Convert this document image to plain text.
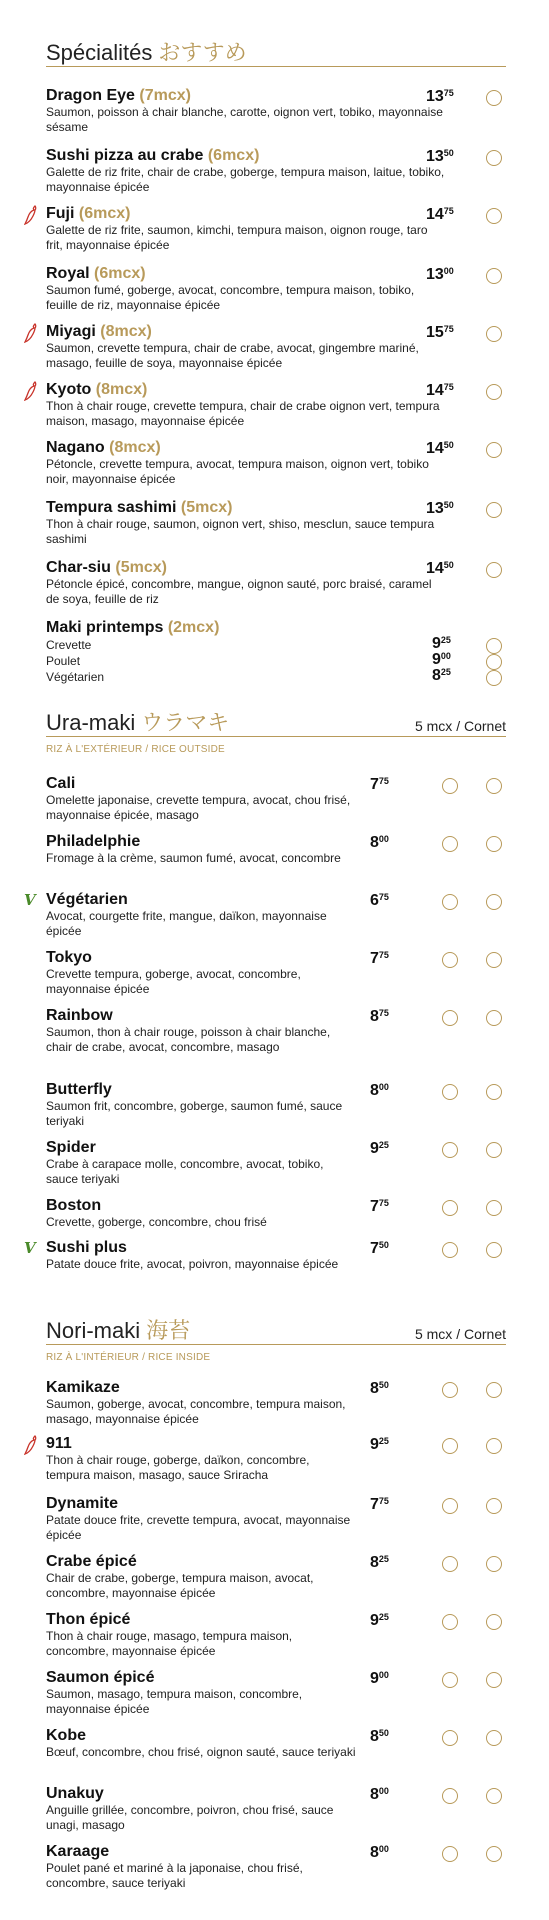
Spécialités おすすめ
Dragon Eye (7mcx)
Saumon, poisson à chair blanche, carotte, oignon vert, tobiko, mayonnaise sésame
$13^{75}$
Sushi pizza au crabe (6mcx)
Galette de riz frite, chair de crabe, goberge, tempura maison, laitue, tobiko, mayonnaise épicée
$13^{50}$
Fuji (6mcx)
Galette de riz frite, saumon, kimchi, tempura maison, oignon rouge, taro frit, mayonnaise épicée
$14^{75}$
Royal (6mcx)
Saumon fumé, goberge, avocat, concombre, tempura maison, tobiko, feuille de riz, mayonnaise épicée
$13^{00}$
Miyagi (8mcx)
Saumon, crevette tempura, chair de crabe, avocat, gingembre mariné, masago, feuille de soya, mayonnaise épicée
$15^{75}$
Kyoto (8mcx)
Thon à chair rouge, crevette tempura, chair de crabe oignon vert, tempura maison, masago, mayonnaise épicée
$14^{75}$
Nagano (8mcx)
Pétoncle, crevette tempura, avocat, tempura maison, oignon vert, tobiko noir, mayonnaise épicée
$14^{50}$
Tempura sashimi (5mcx)
Thon à chair rouge, saumon, oignon vert, shiso, mesclun, sauce tempura sashimi
$13^{50}$
Char-siu (5mcx)
Pétoncle épicé, concombre, mangue, oignon sauté, porc braisé, caramel de soya, feuille de riz
$14^{50}$
Maki printemps (2mcx)
Crevette	$9^{25}$
Poulet	$9^{00}$
Végétarien	$8^{25}$
Ura-maki ウラマキ	5 mcx / Cornet
RIZ À L'EXTÉRIEUR / RICE OUTSIDE
Cali
Omelette japonaise, crevette tempura, avocat, chou frisé, mayonnaise épicée, masago
$7^{75}$
Philadelphie
Fromage à la crème, saumon fumé, avocat, concombre
$8^{00}$
Végétarien
Avocat, courgette frite, mangue, daïkon, mayonnaise épicée
$6^{75}$
V
Tokyo
Crevette tempura, goberge, avocat, concombre, mayonnaise épicée
$7^{75}$
Rainbow
Saumon, thon à chair rouge, poisson à chair blanche, chair de crabe, avocat, concombre, masago
$8^{75}$
Butterfly
Saumon frit, concombre, goberge, saumon fumé, sauce teriyaki
$8^{00}$
Spider
Crabe à carapace molle, concombre, avocat, tobiko, sauce teriyaki
$9^{25}$
Boston
Crevette, goberge, concombre, chou frisé
$7^{75}$
Sushi plus
Patate douce frite, avocat, poivron, mayonnaise épicée
$7^{50}$
V
Nori-maki 海苔	5 mcx / Cornet
RIZ À L'INTÉRIEUR / RICE INSIDE
Kamikaze
Saumon, goberge, avocat, concombre, tempura maison, masago, mayonnaise épicée
$8^{50}$
911
Thon à chair rouge, goberge, daïkon, concombre, tempura maison, masago, sauce Sriracha
$9^{25}$
Dynamite
Patate douce frite, crevette tempura, avocat, mayonnaise épicée
$7^{75}$
Crabe épicé
Chair de crabe, goberge, tempura maison, avocat, concombre, mayonnaise épicée
$8^{25}$
Thon épicé
Thon à chair rouge, masago, tempura maison, concombre, mayonnaise épicée
$9^{25}$
Saumon épicé
Saumon, masago, tempura maison, concombre, mayonnaise épicée
$9^{00}$
Kobe
Bœuf, concombre, chou frisé, oignon sauté, sauce teriyaki
$8^{50}$
Unakuy
Anguille grillée, concombre, poivron, chou frisé, sauce unagi, masago
$8^{00}$
Karaage
Poulet pané et mariné à la japonaise, chou frisé, concombre, sauce teriyaki
$8^{00}$
